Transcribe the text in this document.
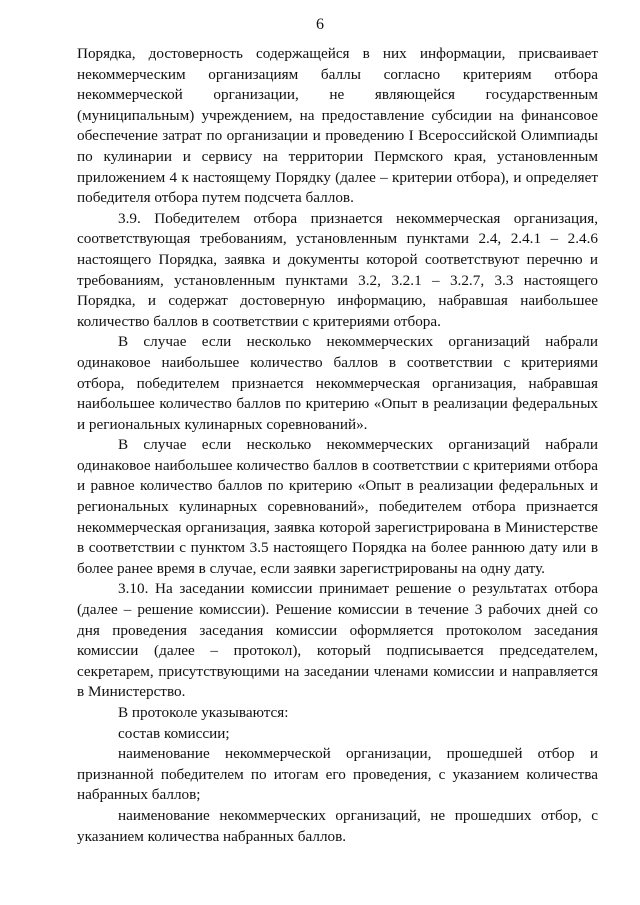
6

Порядка, достоверность содержащейся в них информации, присваивает некоммерческим организациям баллы согласно критериям отбора некоммерческой организации, не являющейся государственным (муниципальным) учреждением, на предоставление субсидии на финансовое обеспечение затрат по организации и проведению I Всероссийской Олимпиады по кулинарии и сервису на территории Пермского края, установленным приложением 4 к настоящему Порядку (далее – критерии отбора), и определяет победителя отбора путем подсчета баллов.

3.9. Победителем отбора признается некоммерческая организация, соответствующая требованиям, установленным пунктами 2.4, 2.4.1 – 2.4.6 настоящего Порядка, заявка и документы которой соответствуют перечню и требованиям, установленным пунктами 3.2, 3.2.1 – 3.2.7, 3.3 настоящего Порядка, и содержат достоверную информацию, набравшая наибольшее количество баллов в соответствии с критериями отбора.

В случае если несколько некоммерческих организаций набрали одинаковое наибольшее количество баллов в соответствии с критериями отбора, победителем признается некоммерческая организация, набравшая наибольшее количество баллов по критерию «Опыт в реализации федеральных и региональных кулинарных соревнований».

В случае если несколько некоммерческих организаций набрали одинаковое наибольшее количество баллов в соответствии с критериями отбора и равное количество баллов по критерию «Опыт в реализации федеральных и региональных кулинарных соревнований», победителем отбора признается некоммерческая организация, заявка которой зарегистрирована в Министерстве в соответствии с пунктом 3.5 настоящего Порядка на более раннюю дату или в более ранее время в случае, если заявки зарегистрированы на одну дату.

3.10. На заседании комиссии принимает решение о результатах отбора (далее – решение комиссии). Решение комиссии в течение 3 рабочих дней со дня проведения заседания комиссии оформляется протоколом заседания комиссии (далее – протокол), который подписывается председателем, секретарем, присутствующими на заседании членами комиссии и направляется в Министерство.

В протоколе указываются:

состав комиссии;

наименование некоммерческой организации, прошедшей отбор и признанной победителем по итогам его проведения, с указанием количества набранных баллов;

наименование некоммерческих организаций, не прошедших отбор, с указанием количества набранных баллов.
